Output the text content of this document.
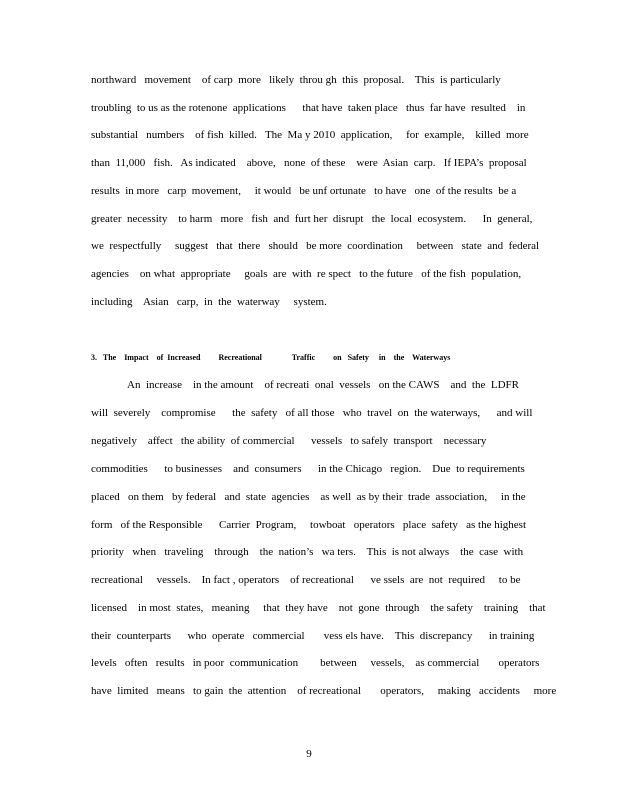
northward   movement    of carp  more   likely  throu gh  this  proposal.    This  is particularly
troubling  to us as the rotenone  applications      that have  taken place   thus  far have  resulted    in
substantial   numbers    of fish  killed.   The  Ma y 2010  application,     for  example,    killed  more
than  11,000   fish.   As indicated    above,   none  of these    were  Asian  carp.   If IEPA’s  proposal
results  in more   carp  movement,     it would   be unf ortunate   to have   one  of the results  be a
greater  necessity    to harm   more   fish  and  furt her  disrupt   the  local  ecosystem.      In  general,
we  respectfully     suggest   that  there   should   be more  coordination     between   state  and  federal
agencies    on what  appropriate     goals  are  with  re spect   to the future   of the fish  population,
including    Asian   carp,  in  the  waterway     system.
3.   The    Impact    of  Increased         Recreational               Traffic         on   Safety     in    the    Waterways
An  increase    in the amount    of recreati  onal  vessels   on the CAWS    and  the  LDFR
will  severely    compromise      the  safety   of all those   who  travel  on  the waterways,      and will
negatively    affect   the ability  of commercial      vessels   to safely  transport    necessary
commodities      to businesses    and  consumers      in the Chicago   region.    Due  to requirements
placed   on them   by federal   and  state  agencies    as well  as by their  trade  association,     in the
form   of the Responsible      Carrier  Program,     towboat   operators   place  safety   as the highest
priority   when   traveling    through    the  nation’s   wa ters.    This  is not always    the  case  with
recreational     vessels.    In fact , operators    of recreational      ve ssels  are  not  required     to be
licensed    in most  states,   meaning     that  they have    not  gone  through    the safety    training    that
their  counterparts      who  operate   commercial       vess els have.    This  discrepancy      in training
levels   often   results   in poor  communication        between     vessels,    as commercial       operators
have  limited   means   to gain  the  attention    of recreational       operators,     making   accidents     more
9
